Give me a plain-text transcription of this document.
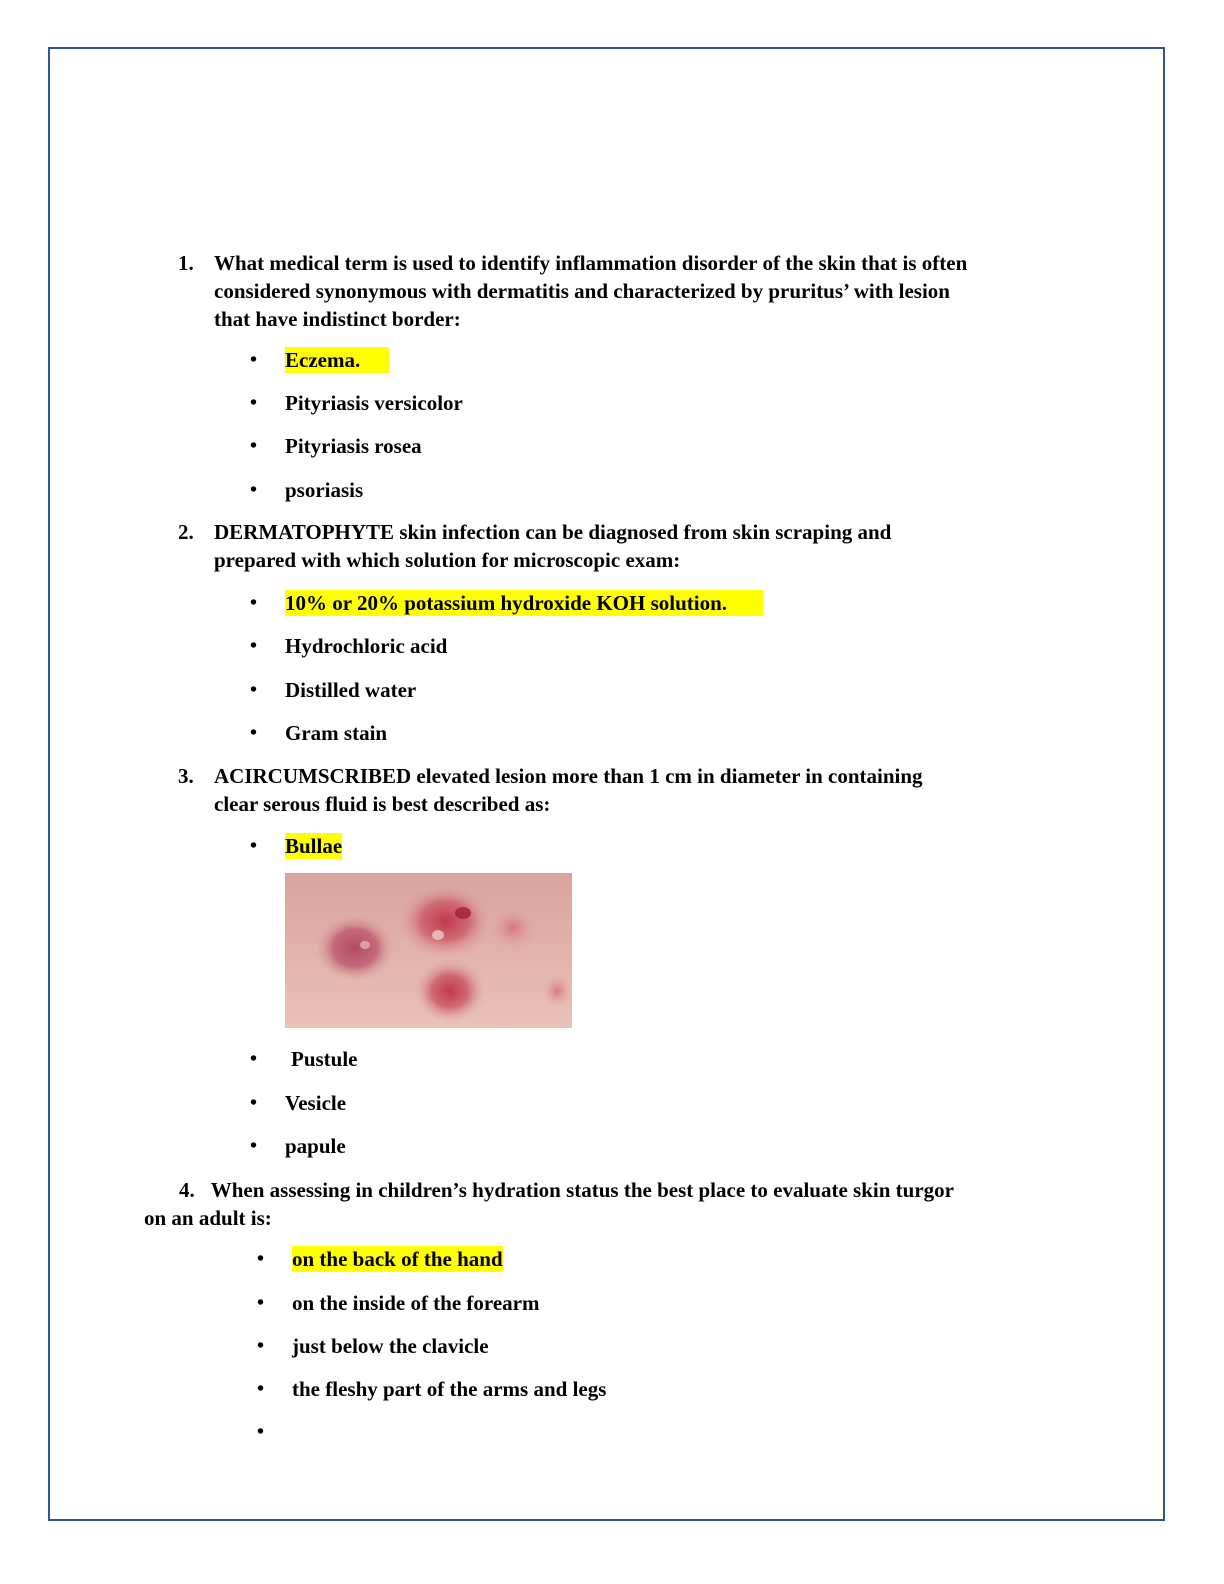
1. What medical term is used to identify inflammation disorder of the skin that is often
considered synonymous with dermatitis and characterized by pruritus’ with lesion
that have indistinct border:
• Eczema.
• Pityriasis versicolor
• Pityriasis rosea
• psoriasis
2. DERMATOPHYTE skin infection can be diagnosed from skin scraping and
prepared with which solution for microscopic exam:
• 10% or 20% potassium hydroxide KOH solution.
• Hydrochloric acid
• Distilled water
• Gram stain
3. ACIRCUMSCRIBED elevated lesion more than 1 cm in diameter in containing
clear serous fluid is best described as:
• Bullae
• Pustule
• Vesicle
• papule
4. When assessing in children’s hydration status the best place to evaluate skin turgor
on an adult is:
• on the back of the hand
• on the inside of the forearm
• just below the clavicle
• the fleshy part of the arms and legs
•
